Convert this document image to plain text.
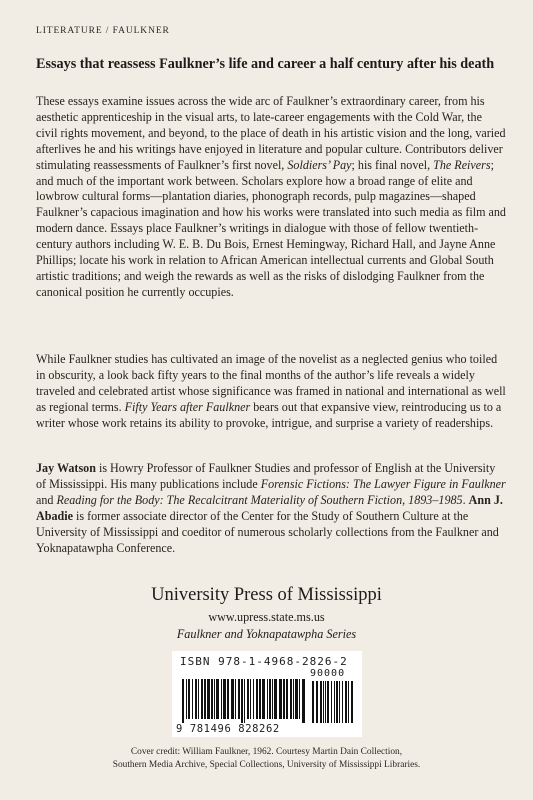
LITERATURE / FAULKNER
Essays that reassess Faulkner’s life and career a half century after his death

These essays examine issues across the wide arc of Faulkner’s extraordinary career, from his aesthetic apprenticeship in the visual arts, to late-career engagements with the Cold War, the civil rights movement, and beyond, to the place of death in his artistic vision and the long, varied afterlives he and his writings have enjoyed in literature and popular culture. Contributors deliver stimulating reassessments of Faulkner’s first novel, Soldiers’ Pay; his final novel, The Reivers; and much of the important work between. Scholars explore how a broad range of elite and lowbrow cultural forms—plantation diaries, phonograph records, pulp magazines—shaped Faulkner’s capacious imagination and how his works were translated into such media as film and modern dance. Essays place Faulkner’s writings in dialogue with those of fellow twentieth-century authors including W. E. B. Du Bois, Ernest Hemingway, Richard Hall, and Jayne Anne Phillips; locate his work in relation to African American intellectual currents and Global South artistic traditions; and weigh the rewards as well as the risks of dislodging Faulkner from the canonical position he currently occupies.

While Faulkner studies has cultivated an image of the novelist as a neglected genius who toiled in obscurity, a look back fifty years to the final months of the author’s life reveals a widely traveled and celebrated artist whose significance was framed in national and international as well as regional terms. Fifty Years after Faulkner bears out that expansive view, reintroducing us to a writer whose work retains its ability to provoke, intrigue, and surprise a variety of readerships.

Jay Watson is Howry Professor of Faulkner Studies and professor of English at the University of Mississippi. His many publications include Forensic Fictions: The Lawyer Figure in Faulkner and Reading for the Body: The Recalcitrant Materiality of Southern Fiction, 1893–1985. Ann J. Abadie is former associate director of the Center for the Study of Southern Culture at the University of Mississippi and coeditor of numerous scholarly collections from the Faulkner and Yoknapatawpha Conference.

University Press of Mississippi
www.upress.state.ms.us
Faulkner and Yoknapatawpha Series
ISBN 978-1-4968-2826-2
90000
9 781496 828262
Cover credit: William Faulkner, 1962. Courtesy Martin Dain Collection,
Southern Media Archive, Special Collections, University of Mississippi Libraries.
